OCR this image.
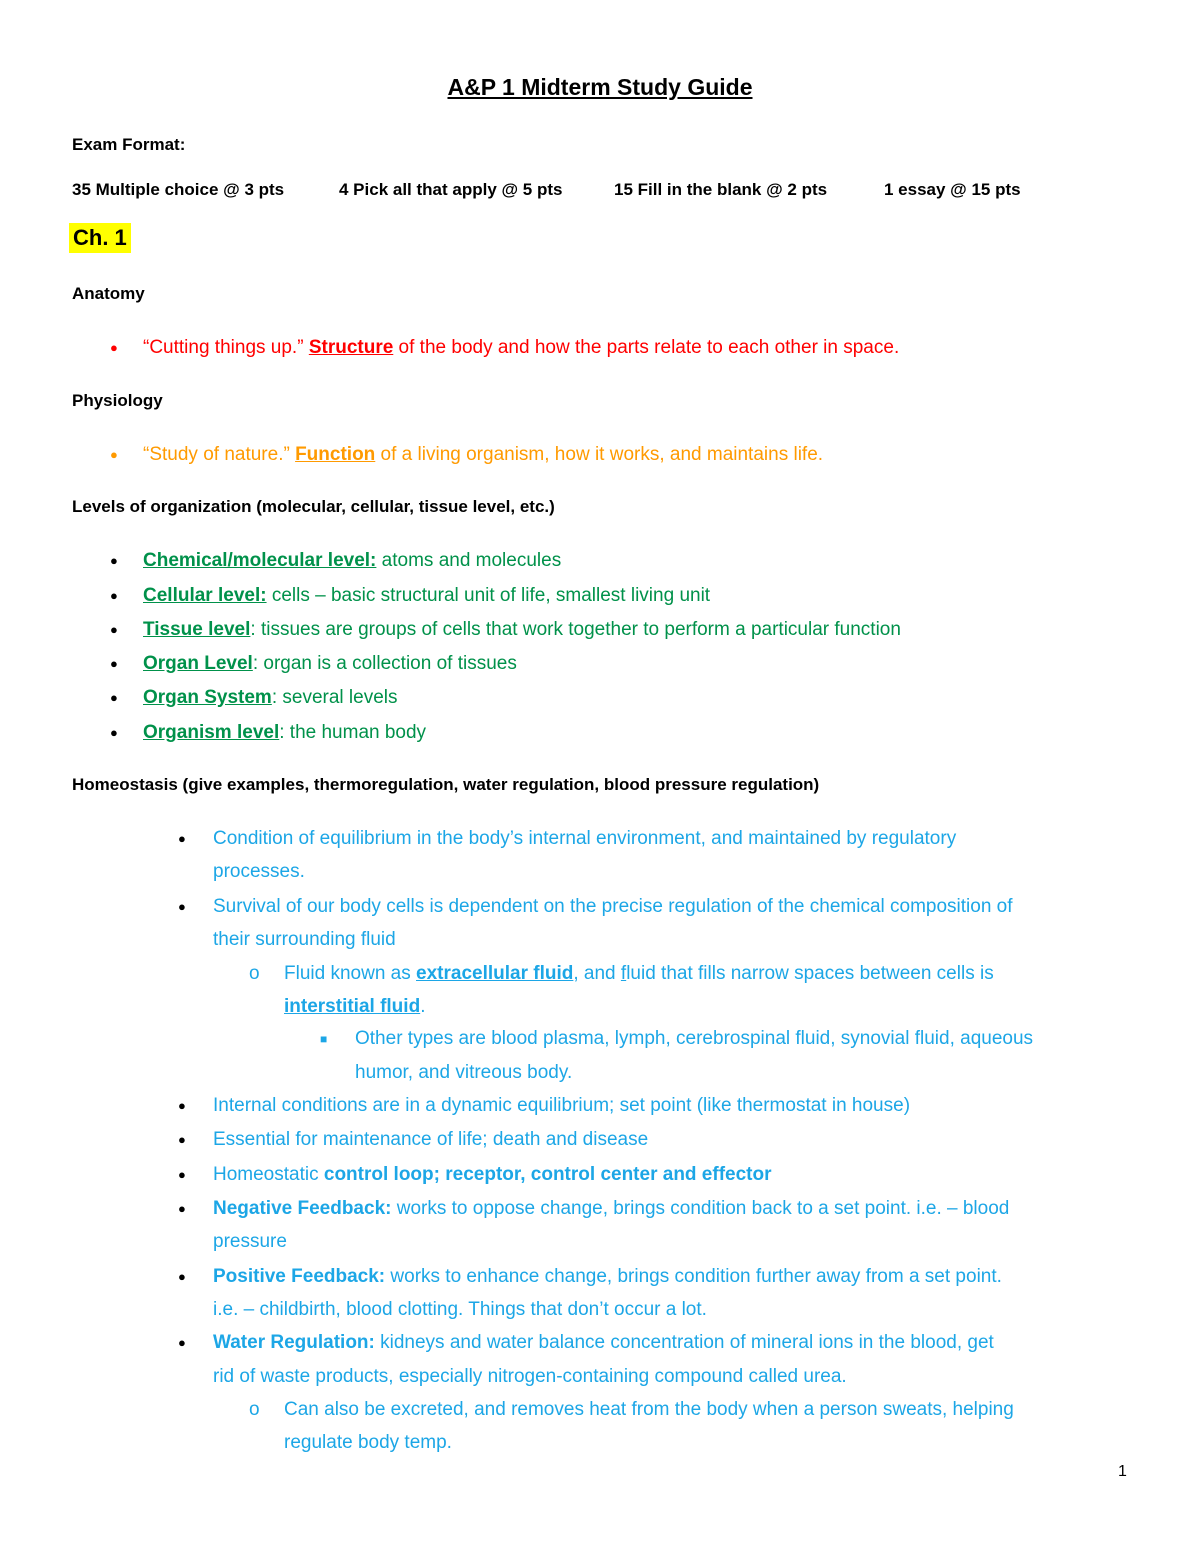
A&P 1 Midterm Study Guide
Exam Format:
35 Multiple choice @ 3 pts	4 Pick all that apply @ 5 pts	15 Fill in the blank @ 2 pts	1 essay @ 15 pts
Ch. 1
Anatomy
● “Cutting things up.” Structure of the body and how the parts relate to each other in space.
Physiology
● “Study of nature.” Function of a living organism, how it works, and maintains life.
Levels of organization (molecular, cellular, tissue level, etc.)
● Chemical/molecular level: atoms and molecules
● Cellular level: cells – basic structural unit of life, smallest living unit
● Tissue level: tissues are groups of cells that work together to perform a particular function
● Organ Level: organ is a collection of tissues
● Organ System: several levels
● Organism level: the human body
Homeostasis (give examples, thermoregulation, water regulation, blood pressure regulation)
● Condition of equilibrium in the body’s internal environment, and maintained by regulatory
processes.
● Survival of our body cells is dependent on the precise regulation of the chemical composition of
their surrounding fluid
o Fluid known as extracellular fluid, and fluid that fills narrow spaces between cells is
interstitial fluid.
■ Other types are blood plasma, lymph, cerebrospinal fluid, synovial fluid, aqueous
humor, and vitreous body.
● Internal conditions are in a dynamic equilibrium; set point (like thermostat in house)
● Essential for maintenance of life; death and disease
● Homeostatic control loop; receptor, control center and effector
● Negative Feedback: works to oppose change, brings condition back to a set point. i.e. – blood
pressure
● Positive Feedback: works to enhance change, brings condition further away from a set point.
i.e. – childbirth, blood clotting. Things that don’t occur a lot.
● Water Regulation: kidneys and water balance concentration of mineral ions in the blood, get
rid of waste products, especially nitrogen-containing compound called urea.
o Can also be excreted, and removes heat from the body when a person sweats, helping
regulate body temp.
1
